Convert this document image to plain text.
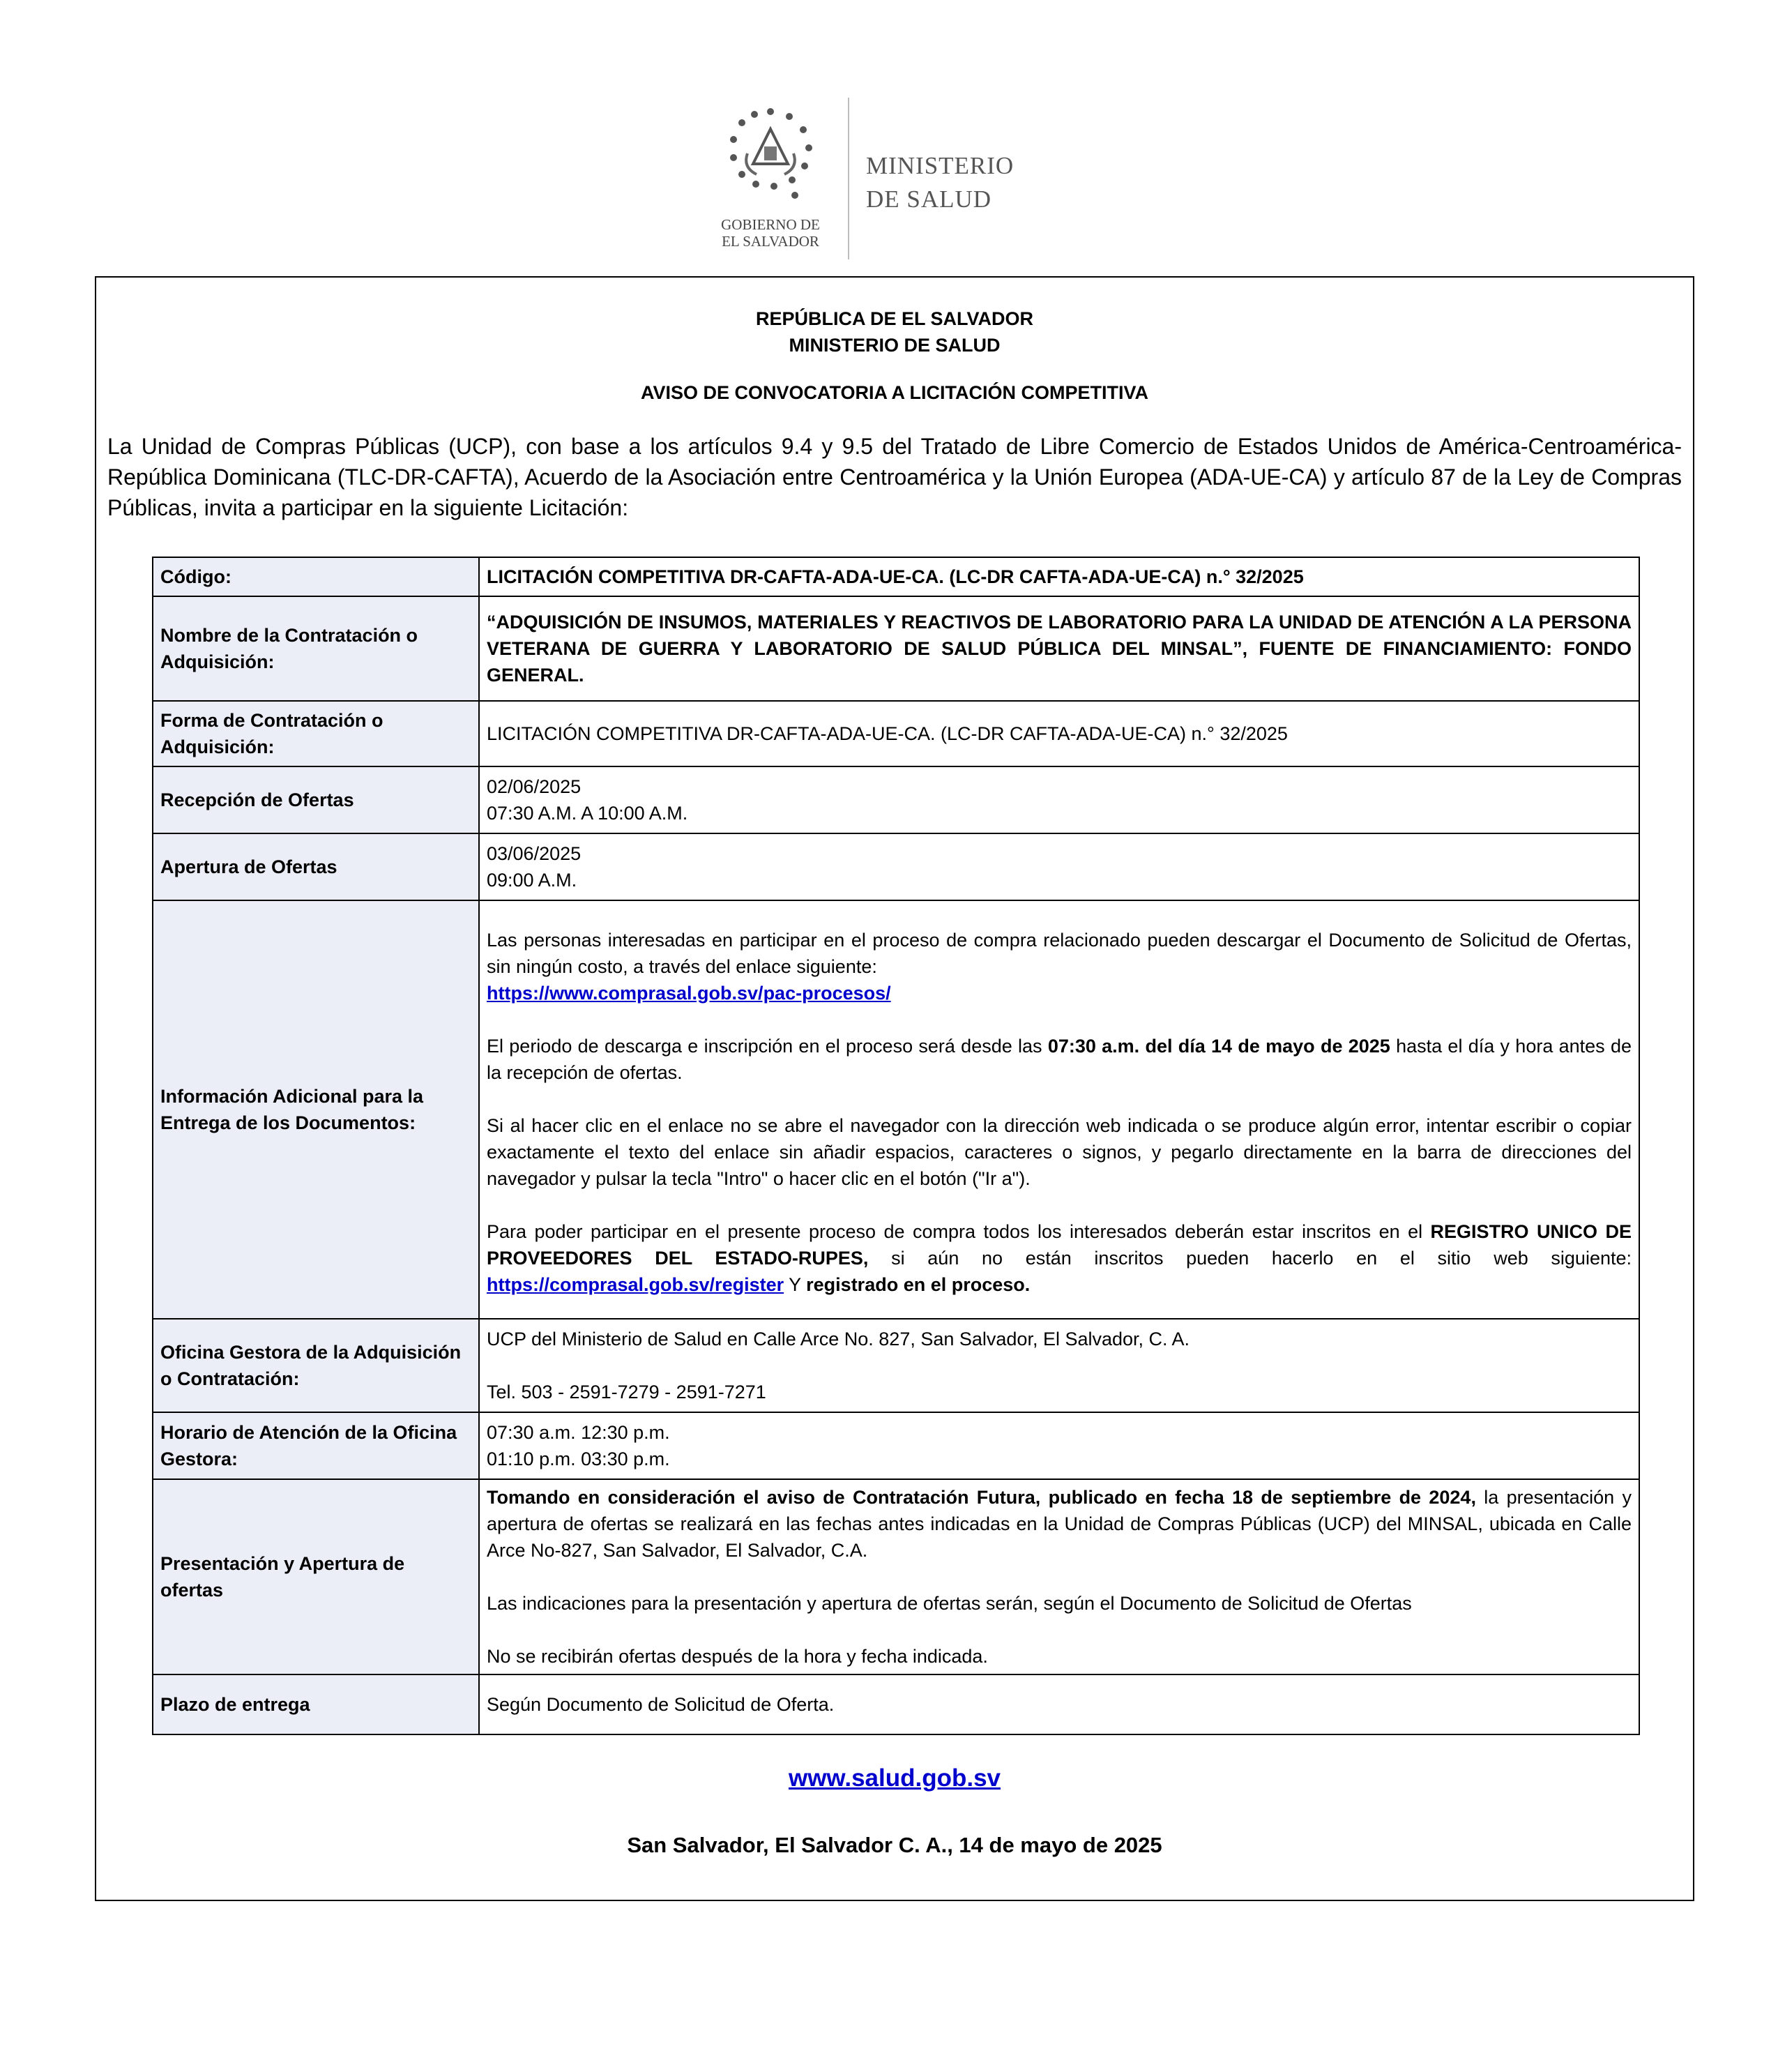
GOBIERNO DE
EL SALVADOR
MINISTERIO
DE SALUD
REPÚBLICA DE EL SALVADOR
MINISTERIO DE SALUD
AVISO DE CONVOCATORIA A LICITACIÓN COMPETITIVA
La Unidad de Compras Públicas (UCP), con base a los artículos 9.4 y 9.5 del Tratado de Libre Comercio de Estados Unidos de América-Centroamérica-República Dominicana (TLC-DR-CAFTA), Acuerdo de la Asociación entre Centroamérica y la Unión Europea (ADA-UE-CA) y artículo 87 de la Ley de Compras Públicas, invita a participar en la siguiente Licitación:
Código:	LICITACIÓN COMPETITIVA DR-CAFTA-ADA-UE-CA. (LC-DR CAFTA-ADA-UE-CA) n.° 32/2025
Nombre de la Contratación o Adquisición:	“ADQUISICIÓN DE INSUMOS, MATERIALES Y REACTIVOS DE LABORATORIO PARA LA UNIDAD DE ATENCIÓN A LA PERSONA VETERANA DE GUERRA Y LABORATORIO DE SALUD PÚBLICA DEL MINSAL”, FUENTE DE FINANCIAMIENTO: FONDO GENERAL.

Forma de Contratación o Adquisición:	LICITACIÓN COMPETITIVA DR-CAFTA-ADA-UE-CA. (LC-DR CAFTA-ADA-UE-CA) n.° 32/2025
Recepción de Ofertas	02/06/2025
07:30 A.M. A 10:00 A.M.

Apertura de Ofertas	03/06/2025
09:00 A.M.

Información Adicional para la Entrega de los Documentos:	Las personas interesadas en participar en el proceso de compra relacionado pueden descargar el Documento de Solicitud de Ofertas, sin ningún costo, a través del enlace siguiente:
https://www.comprasal.gob.sv/pac-procesos/
El periodo de descarga e inscripción en el proceso será desde las 07:30 a.m. del día 14 de mayo de 2025 hasta el día y hora antes de la recepción de ofertas.
Si al hacer clic en el enlace no se abre el navegador con la dirección web indicada o se produce algún error, intentar escribir o copiar exactamente el texto del enlace sin añadir espacios, caracteres o signos, y pegarlo directamente en la barra de direcciones del navegador y pulsar la tecla "Intro" o hacer clic en el botón ("Ir a").
Para poder participar en el presente proceso de compra todos los interesados deberán estar inscritos en el REGISTRO UNICO DE PROVEEDORES DEL ESTADO-RUPES, si aún no están inscritos pueden hacerlo en el sitio web siguiente: https://comprasal.gob.sv/register Y registrado en el proceso.

Oficina Gestora de la Adquisición o Contratación:	UCP del Ministerio de Salud en Calle Arce No. 827, San Salvador, El Salvador, C. A.
Tel. 503 - 2591-7279 - 2591-7271

Horario de Atención de la Oficina Gestora:	07:30 a.m. 12:30 p.m.
01:10 p.m. 03:30 p.m.

Presentación y Apertura de ofertas	Tomando en consideración el aviso de Contratación Futura, publicado en fecha 18 de septiembre de 2024, la presentación y apertura de ofertas se realizará en las fechas antes indicadas en la Unidad de Compras Públicas (UCP) del MINSAL, ubicada en Calle Arce No-827, San Salvador, El Salvador, C.A.
Las indicaciones para la presentación y apertura de ofertas serán, según el Documento de Solicitud de Ofertas
No se recibirán ofertas después de la hora y fecha indicada.

Plazo de entrega	Según Documento de Solicitud de Oferta.
www.salud.gob.sv
San Salvador, El Salvador C. A., 14 de mayo de 2025
